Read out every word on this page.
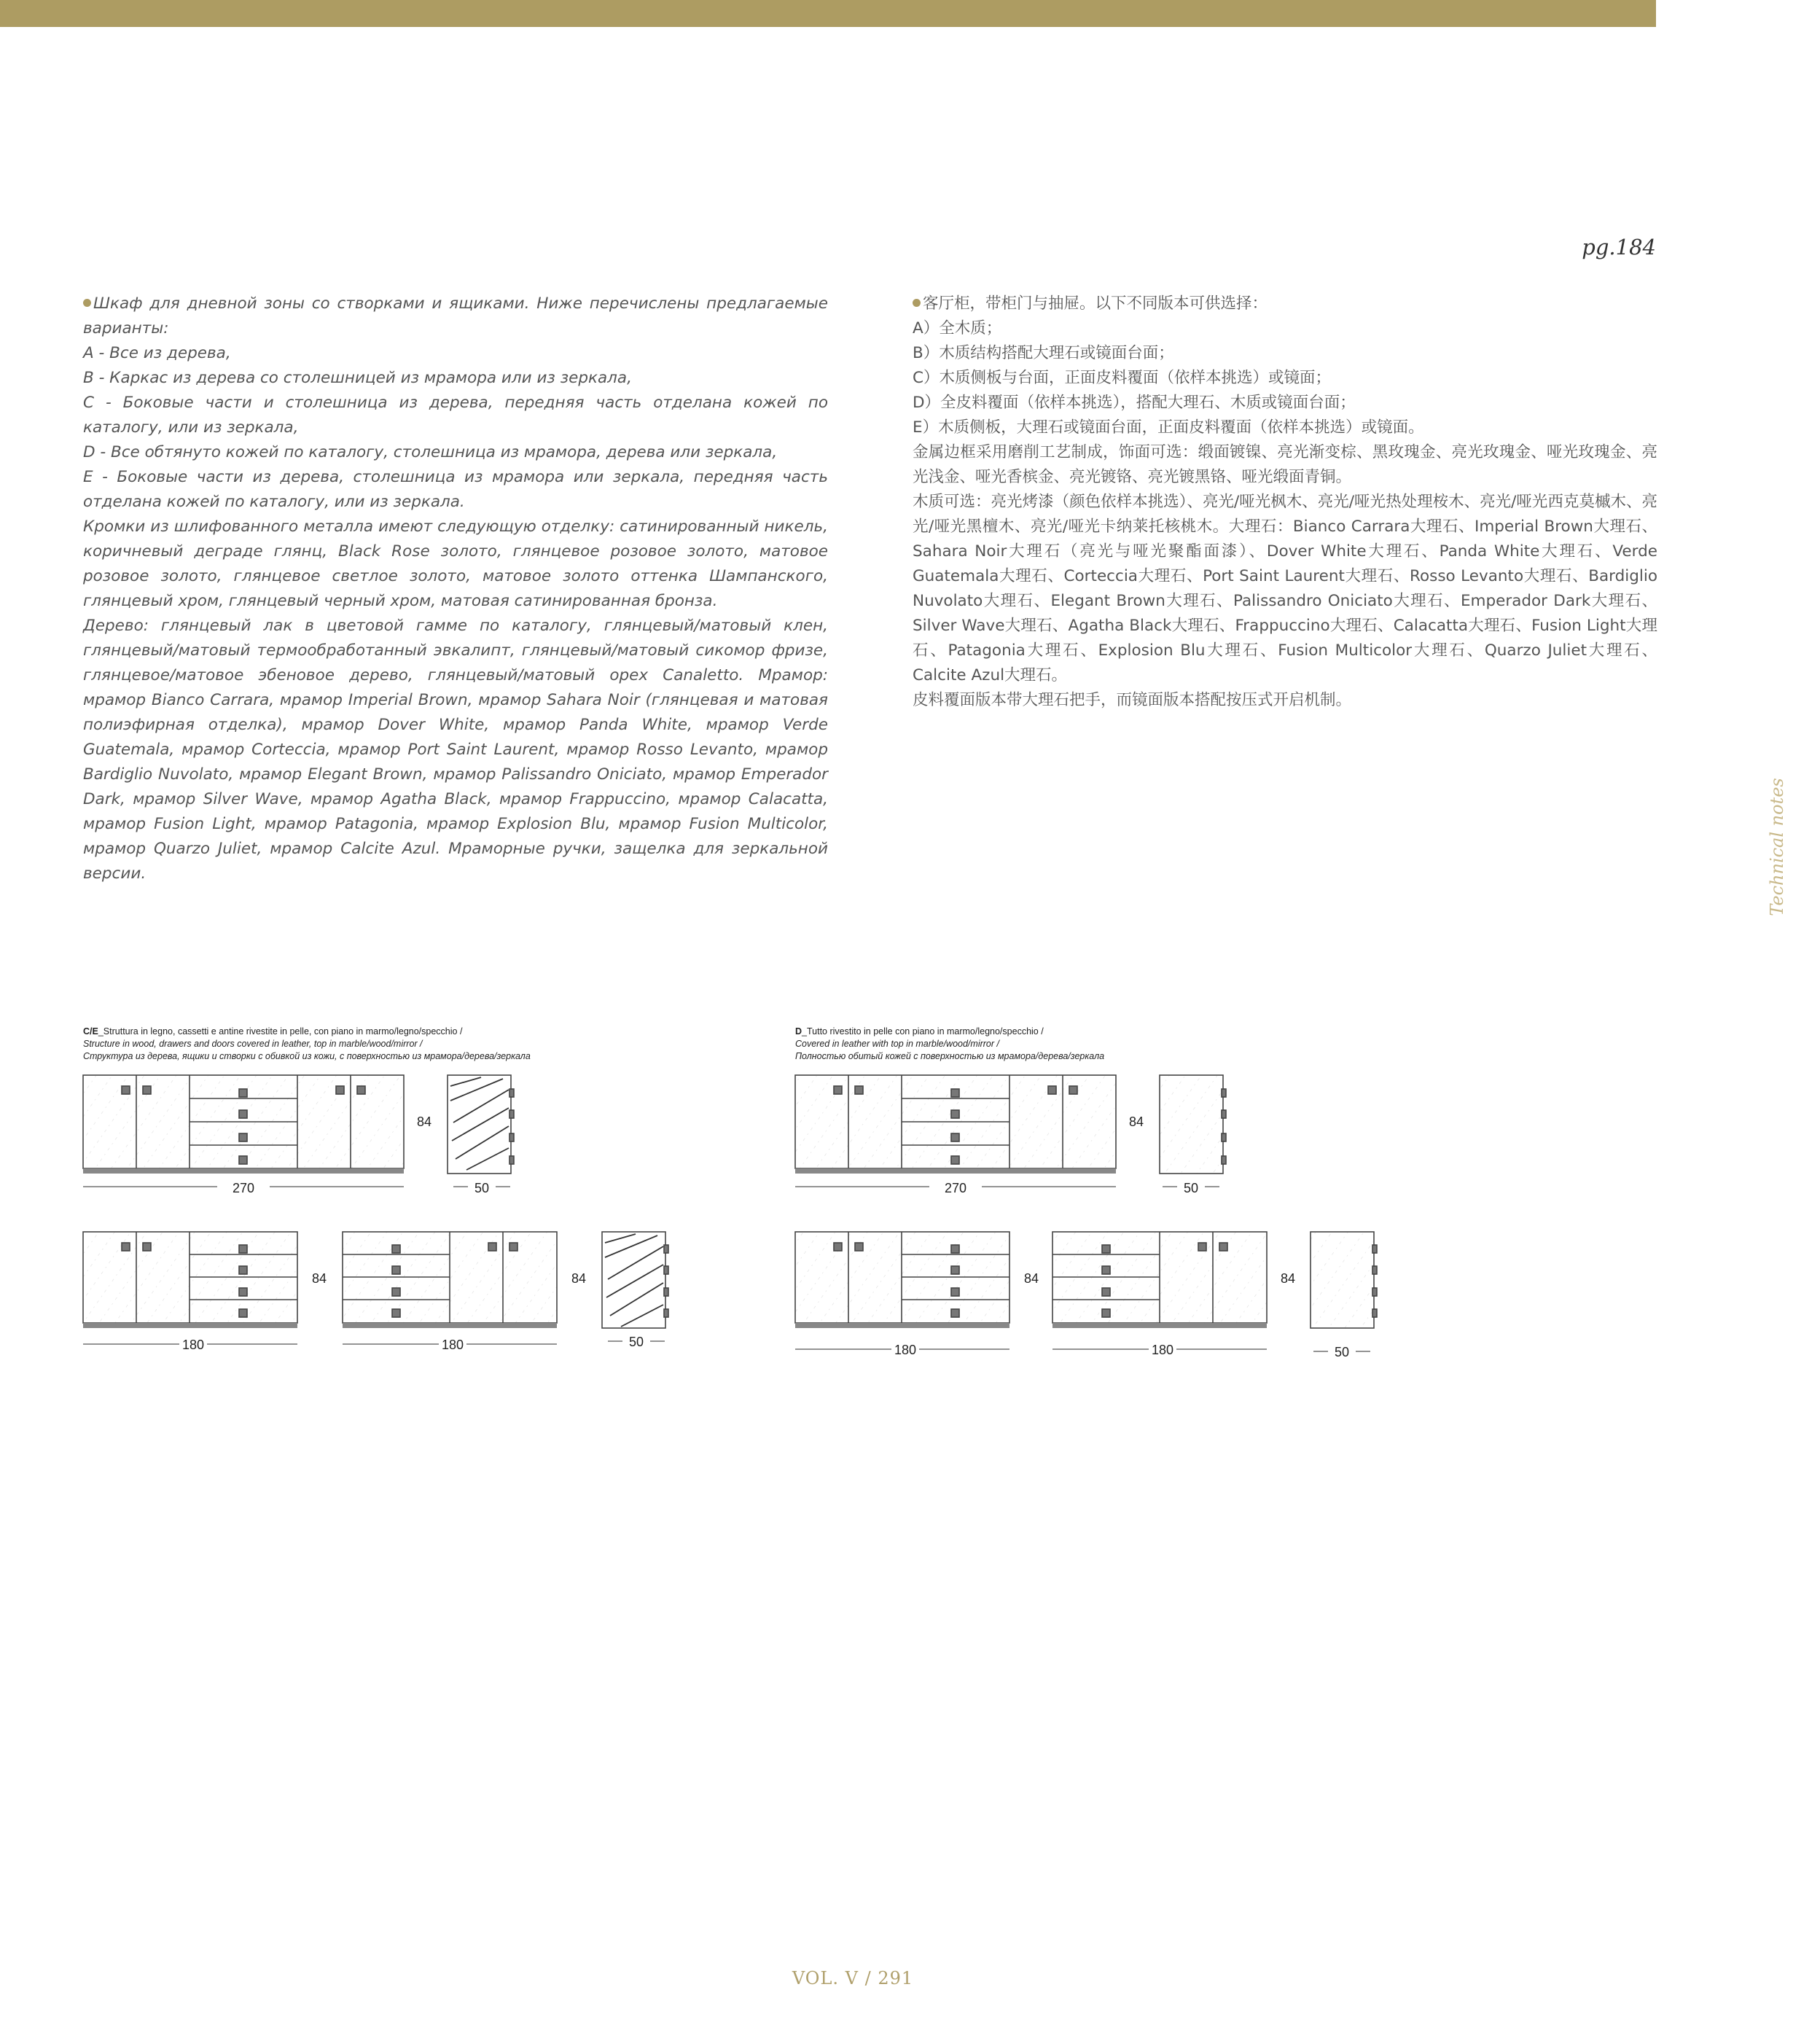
pg.184

Шкаф для дневной зоны со створками и ящиками. Ниже перечислены предлагаемые варианты:

A - Все из дерева,

B - Каркас из дерева со столешницей из мрамора или из зеркала,

C - Боковые части и столешница из дерева, передняя часть отделана кожей по каталогу, или из зеркала,

D - Все обтянуто кожей по каталогу, столешница из мрамора, дерева или зеркала,

E - Боковые части из дерева, столешница из мрамора или зеркала, передняя часть отделана кожей по каталогу, или из зеркала.

Кромки из шлифованного металла имеют следующую отделку: сатинированный никель, коричневый деграде глянц, Black Rose золото, глянцевое розовое золото, матовое розовое золото, глянцевое светлое золото, матовое золото оттенка Шампанского, глянцевый хром, глянцевый черный хром, матовая сатинированная бронза.

Дерево: глянцевый лак в цветовой гамме по каталогу, глянцевый/матовый клен, глянцевый/матовый термообработанный эвкалипт, глянцевый/матовый сикомор фризе, глянцевое/матовое эбеновое дерево, глянцевый/матовый орех Canaletto. Мрамор: мрамор Bianco Carrara, мрамор Imperial Brown, мрамор Sahara Noir (глянцевая и матовая полиэфирная отделка), мрамор Dover White, мрамор Panda White, мрамор Verde Guatemala, мрамор Corteccia, мрамор Port Saint Laurent, мрамор Rosso Levanto, мрамор Bardiglio Nuvolato, мрамор Elegant Brown, мрамор Palissandro Oniciato, мрамор Emperador Dark, мрамор Silver Wave, мрамор Agatha Black, мрамор Frappuccino, мрамор Calacatta, мрамор Fusion Light, мрамор Patagonia, мрамор Explosion Blu, мрамор Fusion Multicolor, мрамор Quarzo Juliet, мрамор Calcite Azul. Мраморные ручки, защелка для зеркальной версии.

客厅柜，带柜门与抽屉。以下不同版本可供选择：

A）全木质；

B）木质结构搭配大理石或镜面台面；

C）木质侧板与台面，正面皮料覆面（依样本挑选）或镜面；

D）全皮料覆面（依样本挑选），搭配大理石、木质或镜面台面；

E）木质侧板，大理石或镜面台面，正面皮料覆面（依样本挑选）或镜面。

金属边框采用磨削工艺制成，饰面可选：缎面镀镍、亮光渐变棕、黑玫瑰金、亮光玫瑰金、哑光玫瑰金、亮光浅金、哑光香槟金、亮光镀铬、亮光镀黑铬、哑光缎面青铜。

木质可选：亮光烤漆（颜色依样本挑选）、亮光/哑光枫木、亮光/哑光热处理桉木、亮光/哑光西克莫槭木、亮光/哑光黑檀木、亮光/哑光卡纳莱托核桃木。大理石：Bianco Carrara大理石、Imperial Brown大理石、Sahara Noir大理石（亮光与哑光聚酯面漆）、Dover White大理石、Panda White大理石、Verde Guatemala大理石、Corteccia大理石、Port Saint Laurent大理石、Rosso Levanto大理石、Bardiglio Nuvolato大理石、Elegant Brown大理石、Palissandro Oniciato大理石、Emperador Dark大理石、Silver Wave大理石、Agatha Black大理石、Frappuccino大理石、Calacatta大理石、Fusion Light大理石、Patagonia大理石、Explosion Blu大理石、Fusion Multicolor大理石、Quarzo Juliet大理石、Calcite Azul大理石。

皮料覆面版本带大理石把手，而镜面版本搭配按压式开启机制。

Technical notes
C/E_Struttura in legno, cassetti e antine rivestite in pelle, con piano in marmo/legno/specchio /
Structure in wood, drawers and doors covered in leather, top in marble/wood/mirror /
Структура из дерева, ящики и створки с обивкой из кожи, с поверхностью из мрамора/дерева/зеркала
D_Tutto rivestito in pelle con piano in marmo/legno/specchio /
Covered in leather with top in marble/wood/mirror /
Полностью обитый кожей с поверхностью из мрамора/дерева/зеркала
270
84
50
180
84
180
84
50
270
84
50
180
84
180
84
50
VOL. V / 291
